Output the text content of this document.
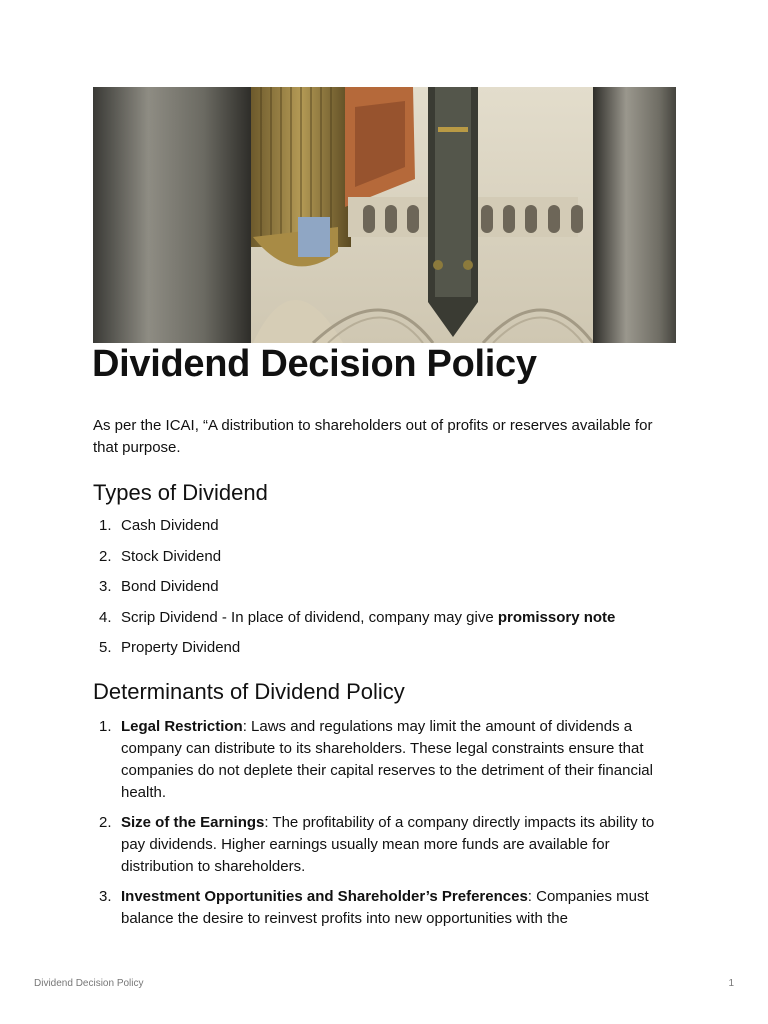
Dividend Decision Policy

As per the ICAI, “A distribution to shareholders out of profits or reserves available for that purpose.

Types of Dividend
1. Cash Dividend
2. Stock Dividend
3. Bond Dividend
4. Scrip Dividend - In place of dividend, company may give promissory note
5. Property Dividend
Determinants of Dividend Policy
1. Legal Restriction: Laws and regulations may limit the amount of dividends a company can distribute to its shareholders. These legal constraints ensure that companies do not deplete their capital reserves to the detriment of their financial health.
2. Size of the Earnings: The profitability of a company directly impacts its ability to pay dividends. Higher earnings usually mean more funds are available for distribution to shareholders.
3. Investment Opportunities and Shareholder’s Preferences: Companies must balance the desire to reinvest profits into new opportunities with the
Dividend Decision Policy	1
